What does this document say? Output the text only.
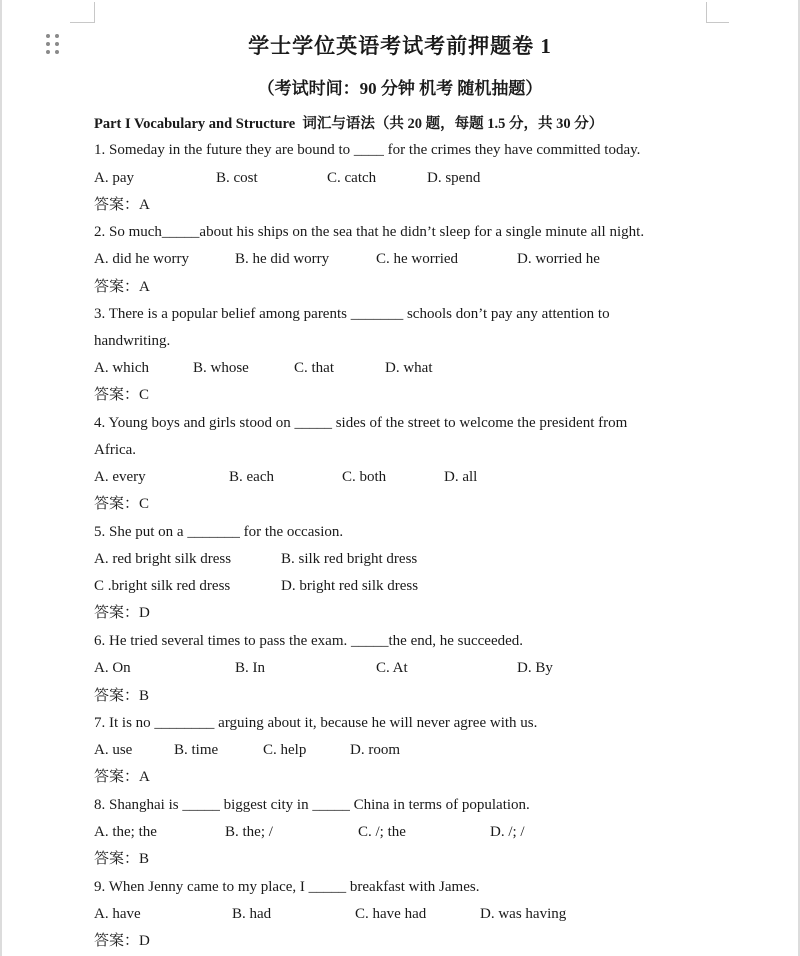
学士学位英语考试考前押题卷 1
（考试时间：90 分钟 机考 随机抽题）
Part I Vocabulary and Structure  词汇与语法（共 20 题，每题 1.5 分，共 30 分）
1. Someday in the future they are bound to ____ for the crimes they have committed today.
A. pay	B. cost	C. catch	D. spend
答案：A
2. So much_____about his ships on the sea that he didn’t sleep for a single minute all night.
A. did he worry	B. he did worry	C. he worried	D. worried he
答案：A
3. There is a popular belief among parents _______ schools don’t pay any attention to
handwriting.
A. which	B. whose	C. that	D. what
答案：C
4. Young boys and girls stood on _____ sides of the street to welcome the president from
Africa.
A. every	B. each	C. both	D. all
答案：C
5. She put on a _______ for the occasion.
A. red bright silk dress	B. silk red bright dress
C .bright silk red dress	D. bright red silk dress
答案：D
6. He tried several times to pass the exam. _____the end, he succeeded.
A. On	B. In	C. At	D. By
答案：B
7. It is no ________ arguing about it, because he will never agree with us.
A. use	B. time	C. help	D. room
答案：A
8. Shanghai is _____ biggest city in _____ China in terms of population.
A. the; the	B. the; /	C. /; the	D. /; /
答案：B
9. When Jenny came to my place, I _____ breakfast with James.
A. have	B. had	C. have had	D. was having
答案：D
